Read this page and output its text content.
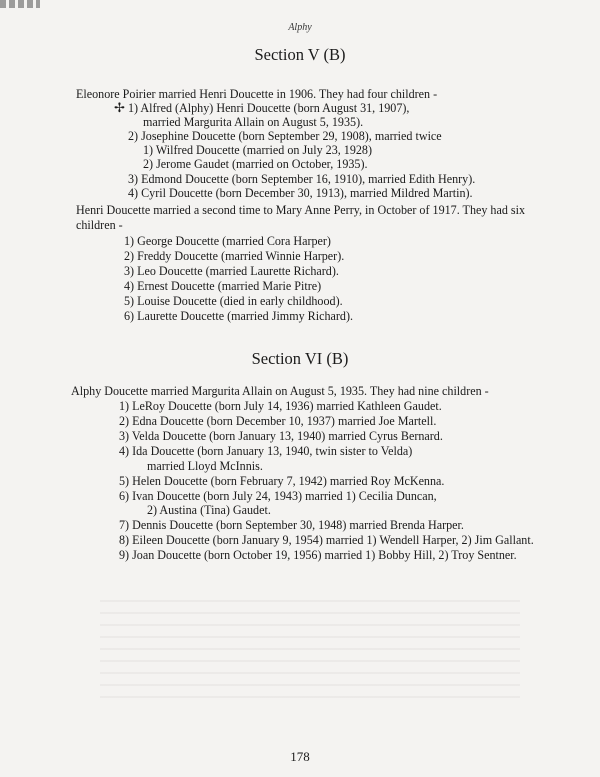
Alphy
Section V (B)
Eleonore Poirier married Henri Doucette in 1906. They had four children -
✢ 1) Alfred (Alphy) Henri Doucette (born August 31, 1907),
married Margurita Allain on August 5, 1935).
2) Josephine Doucette (born September 29, 1908), married twice
1) Wilfred Doucette (married on July 23, 1928)
2) Jerome Gaudet (married on October, 1935).
3) Edmond Doucette (born September 16, 1910), married Edith Henry).
4) Cyril Doucette (born December 30, 1913), married Mildred Martin).
Henri Doucette married a second time to Mary Anne Perry, in October of 1917. They had six
children -
1) George Doucette (married Cora Harper)
2) Freddy Doucette (married Winnie Harper).
3) Leo Doucette (married Laurette Richard).
4) Ernest Doucette (married Marie Pitre)
5) Louise Doucette (died in early childhood).
6) Laurette Doucette (married Jimmy Richard).
Section VI (B)
Alphy Doucette married Margurita Allain on August 5, 1935. They had nine children -
1) LeRoy Doucette (born July 14, 1936) married Kathleen Gaudet.
2) Edna Doucette (born December 10, 1937) married Joe Martell.
3) Velda Doucette (born January 13, 1940) married Cyrus Bernard.
4) Ida Doucette (born January 13, 1940, twin sister to Velda)
married Lloyd McInnis.
5) Helen Doucette (born February 7, 1942) married Roy McKenna.
6) Ivan Doucette (born July 24, 1943) married 1) Cecilia Duncan,
2) Austina (Tina) Gaudet.
7) Dennis Doucette (born September 30, 1948) married Brenda Harper.
8) Eileen Doucette (born January 9, 1954) married 1) Wendell Harper, 2) Jim Gallant.
9) Joan Doucette (born October 19, 1956) married 1) Bobby Hill, 2) Troy Sentner.
178
